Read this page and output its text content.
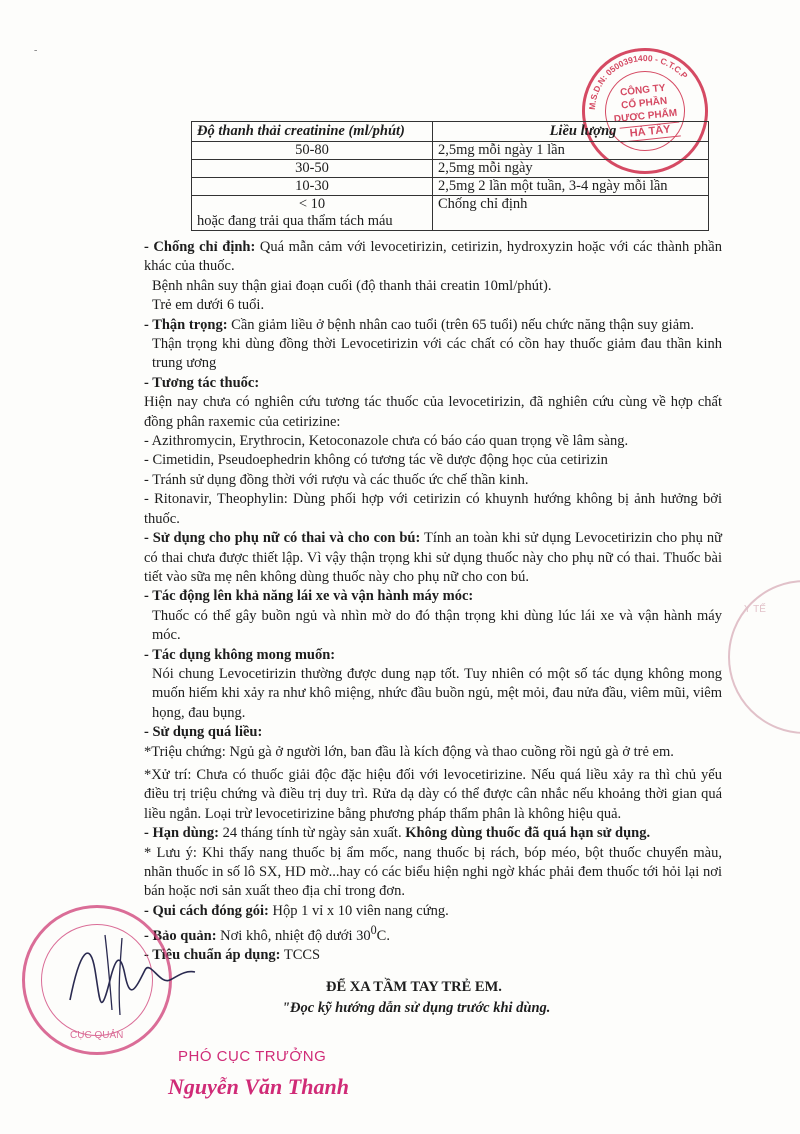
-
M.S.D.N: 0500391400 - C.T.C.P
CÔNG TY
CỔ PHẦN
DƯỢC PHẨM
HÀ TÂY
Độ thanh thải creatinine (ml/phút)	Liều lượng
50-80	2,5mg mỗi ngày 1 lần
30-50	2,5mg mỗi ngày
10-30	2,5mg 2 lần một tuần, 3-4 ngày mỗi lần
< 10
hoặc đang trải qua thẩm tách máu	Chống chỉ định

- Chống chỉ định: Quá mẫn cảm với levocetirizin, cetirizin, hydroxyzin hoặc với các thành phần khác của thuốc.

Bệnh nhân suy thận giai đoạn cuối (độ thanh thải creatin 10ml/phút).

Trẻ em dưới 6 tuổi.

- Thận trọng: Cần giảm liều ở bệnh nhân cao tuổi (trên 65 tuổi) nếu chức năng thận suy giảm.

Thận trọng khi dùng đồng thời Levocetirizin với các chất có cồn hay thuốc giảm đau thần kinh trung ương

- Tương tác thuốc:

Hiện nay chưa có nghiên cứu tương tác thuốc của levocetirizin, đã nghiên cứu cùng về hợp chất đồng phân raxemic của cetirizine:

- Azithromycin, Erythrocin, Ketoconazole chưa có báo cáo quan trọng về lâm sàng.

- Cimetidin, Pseudoephedrin không có tương tác về dược động học của cetirizin

- Tránh sử dụng đồng thời với rượu và các thuốc ức chế thần kinh.

- Ritonavir, Theophylin: Dùng phối hợp với cetirizin có khuynh hướng không bị ảnh hưởng bởi thuốc.

- Sử dụng cho phụ nữ có thai và cho con bú: Tính an toàn khi sử dụng Levocetirizin cho phụ nữ có thai chưa được thiết lập. Vì vậy thận trọng khi sử dụng thuốc này cho phụ nữ có thai. Thuốc bài tiết vào sữa mẹ nên không dùng thuốc này cho phụ nữ cho con bú.

- Tác động lên khả năng lái xe và vận hành máy móc:

Thuốc có thể gây buồn ngủ và nhìn mờ do đó thận trọng khi dùng lúc lái xe và vận hành máy móc.

- Tác dụng không mong muốn:

Nói chung Levocetirizin thường được dung nạp tốt. Tuy nhiên có một số tác dụng không mong muốn hiếm khi xảy ra như khô miệng, nhức đầu buồn ngủ, mệt mỏi, đau nửa đầu, viêm mũi, viêm họng, đau bụng.

- Sử dụng quá liều:

*Triệu chứng: Ngủ gà ở người lớn, ban đầu là kích động và thao cuồng rồi ngủ gà ở trẻ em.

*Xử trí: Chưa có thuốc giải độc đặc hiệu đối với levocetirizine. Nếu quá liều xảy ra thì chủ yếu điều trị triệu chứng và điều trị duy trì. Rửa dạ dày có thể được cân nhắc nếu khoảng thời gian quá liều ngắn. Loại trừ levocetirizine bằng phương pháp thẩm phân là không hiệu quả.

- Hạn dùng: 24 tháng tính từ ngày sản xuất. Không dùng thuốc đã quá hạn sử dụng.

* Lưu ý: Khi thấy nang thuốc bị ẩm mốc, nang thuốc bị rách, bóp méo, bột thuốc chuyển màu, nhãn thuốc in số lô SX, HD mờ...hay có các biểu hiện nghi ngờ khác phải đem thuốc tới hỏi lại nơi bán hoặc nơi sản xuất theo địa chỉ trong đơn.

- Qui cách đóng gói: Hộp 1 vỉ x 10 viên nang cứng.

- Bảo quản: Nơi khô, nhiệt độ dưới $30^0C$.

- Tiêu chuẩn áp dụng: TCCS

ĐỂ XA TẦM TAY TRẺ EM.
"Đọc kỹ hướng dẫn sử dụng trước khi dùng.
Y TẾ
CỤC QUẢN
PHÓ CỤC TRƯỞNG
Nguyễn Văn Thanh
